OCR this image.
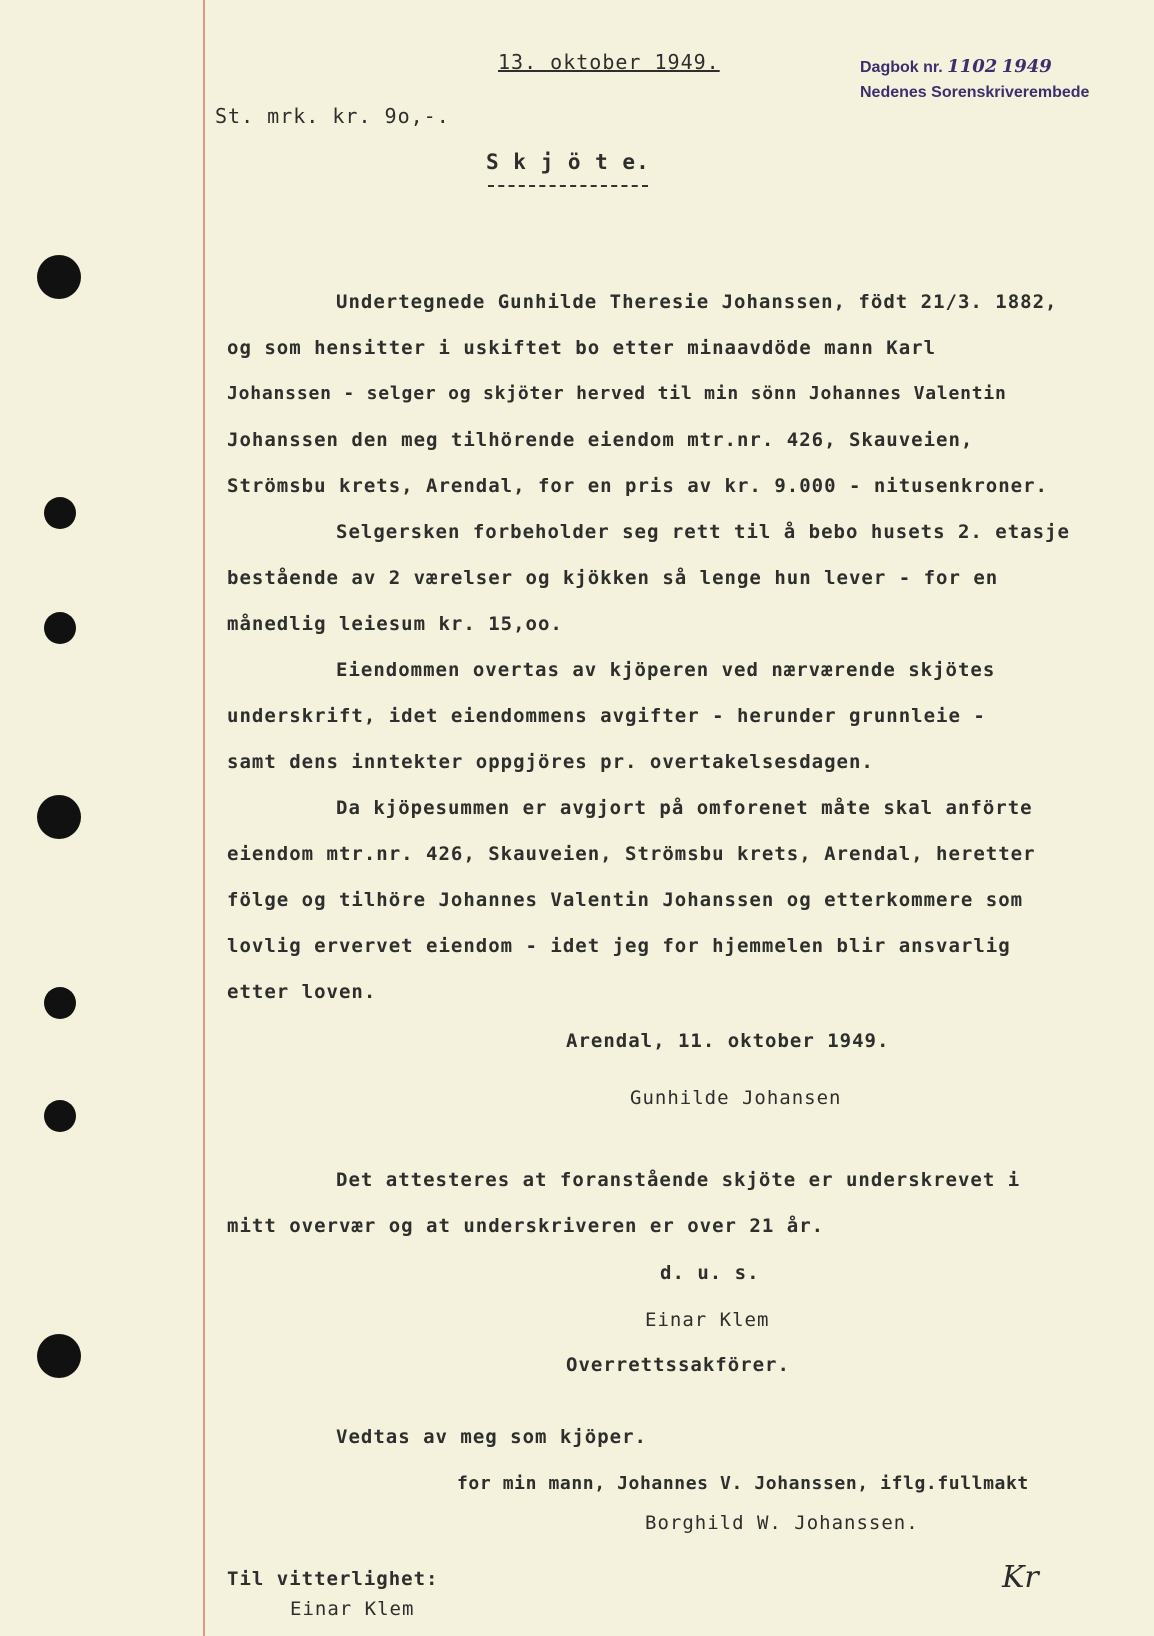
13. oktober 1949.	Dagbok nr. 1102 1949
Nedenes Sorenskriverembede
St. mrk. kr. 9o,-.
S k j ö t e.
Undertegnede Gunhilde Theresie Johanssen, födt 21/3. 1882,
og som hensitter i uskiftet bo etter minaavdöde mann Karl
Johanssen - selger og skjöter herved til min sönn Johannes Valentin
Johanssen den meg tilhörende eiendom mtr.nr. 426, Skauveien,
Strömsbu krets, Arendal, for en pris av kr. 9.000 - nitusenkroner.
Selgersken forbeholder seg rett til å bebo husets 2. etasje
bestående av 2 værelser og kjökken så lenge hun lever - for en
månedlig leiesum kr. 15,oo.
Eiendommen overtas av kjöperen ved nærværende skjötes
underskrift, idet eiendommens avgifter - herunder grunnleie -
samt dens inntekter oppgjöres pr. overtakelsesdagen.
Da kjöpesummen er avgjort på omforenet måte skal anförte
eiendom mtr.nr. 426, Skauveien, Strömsbu krets, Arendal, heretter
fölge og tilhöre Johannes Valentin Johanssen og etterkommere som
lovlig ervervet eiendom - idet jeg for hjemmelen blir ansvarlig
etter loven.
Arendal, 11. oktober 1949.
Gunhilde Johansen
Det attesteres at foranstående skjöte er underskrevet i
mitt overvær og at underskriveren er over 21 år.
d. u. s.
Einar Klem
Overrettssakförer.
Vedtas av meg som kjöper.
for min mann, Johannes V. Johanssen, iflg.fullmakt
Borghild W. Johanssen.
Til vitterlighet:
Einar Klem
Kr
